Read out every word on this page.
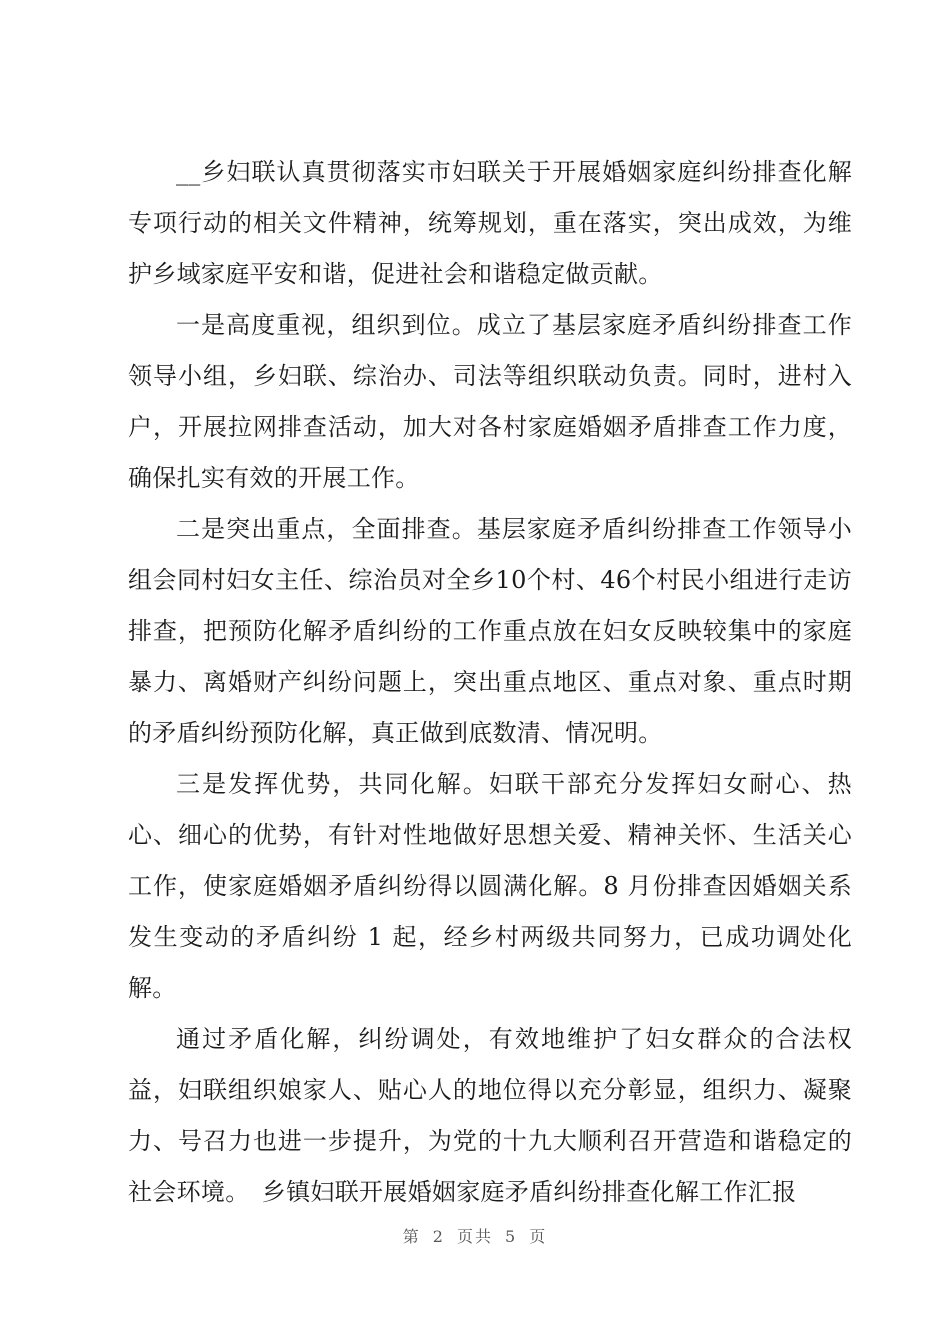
__乡妇联认真贯彻落实市妇联关于开展婚姻家庭纠纷排查化解专项行动的相关文件精神，统筹规划，重在落实，突出成效，为维护乡域家庭平安和谐，促进社会和谐稳定做贡献。

一是高度重视，组织到位。成立了基层家庭矛盾纠纷排查工作领导小组，乡妇联、综治办、司法等组织联动负责。同时，进村入户，开展拉网排查活动，加大对各村家庭婚姻矛盾排查工作力度，确保扎实有效的开展工作。

二是突出重点，全面排查。基层家庭矛盾纠纷排查工作领导小组会同村妇女主任、综治员对全乡10个村、46个村民小组进行走访排查，把预防化解矛盾纠纷的工作重点放在妇女反映较集中的家庭暴力、离婚财产纠纷问题上，突出重点地区、重点对象、重点时期的矛盾纠纷预防化解，真正做到底数清、情况明。

三是发挥优势，共同化解。妇联干部充分发挥妇女耐心、热心、细心的优势，有针对性地做好思想关爱、精神关怀、生活关心工作，使家庭婚姻矛盾纠纷得以圆满化解。8 月份排查因婚姻关系发生变动的矛盾纠纷 1 起，经乡村两级共同努力，已成功调处化解。

通过矛盾化解，纠纷调处，有效地维护了妇女群众的合法权益，妇联组织娘家人、贴心人的地位得以充分彰显，组织力、凝聚力、号召力也进一步提升，为党的十九大顺利召开营造和谐稳定的社会环境。　乡镇妇联开展婚姻家庭矛盾纠纷排查化解工作汇报

第 2 页共 5 页
